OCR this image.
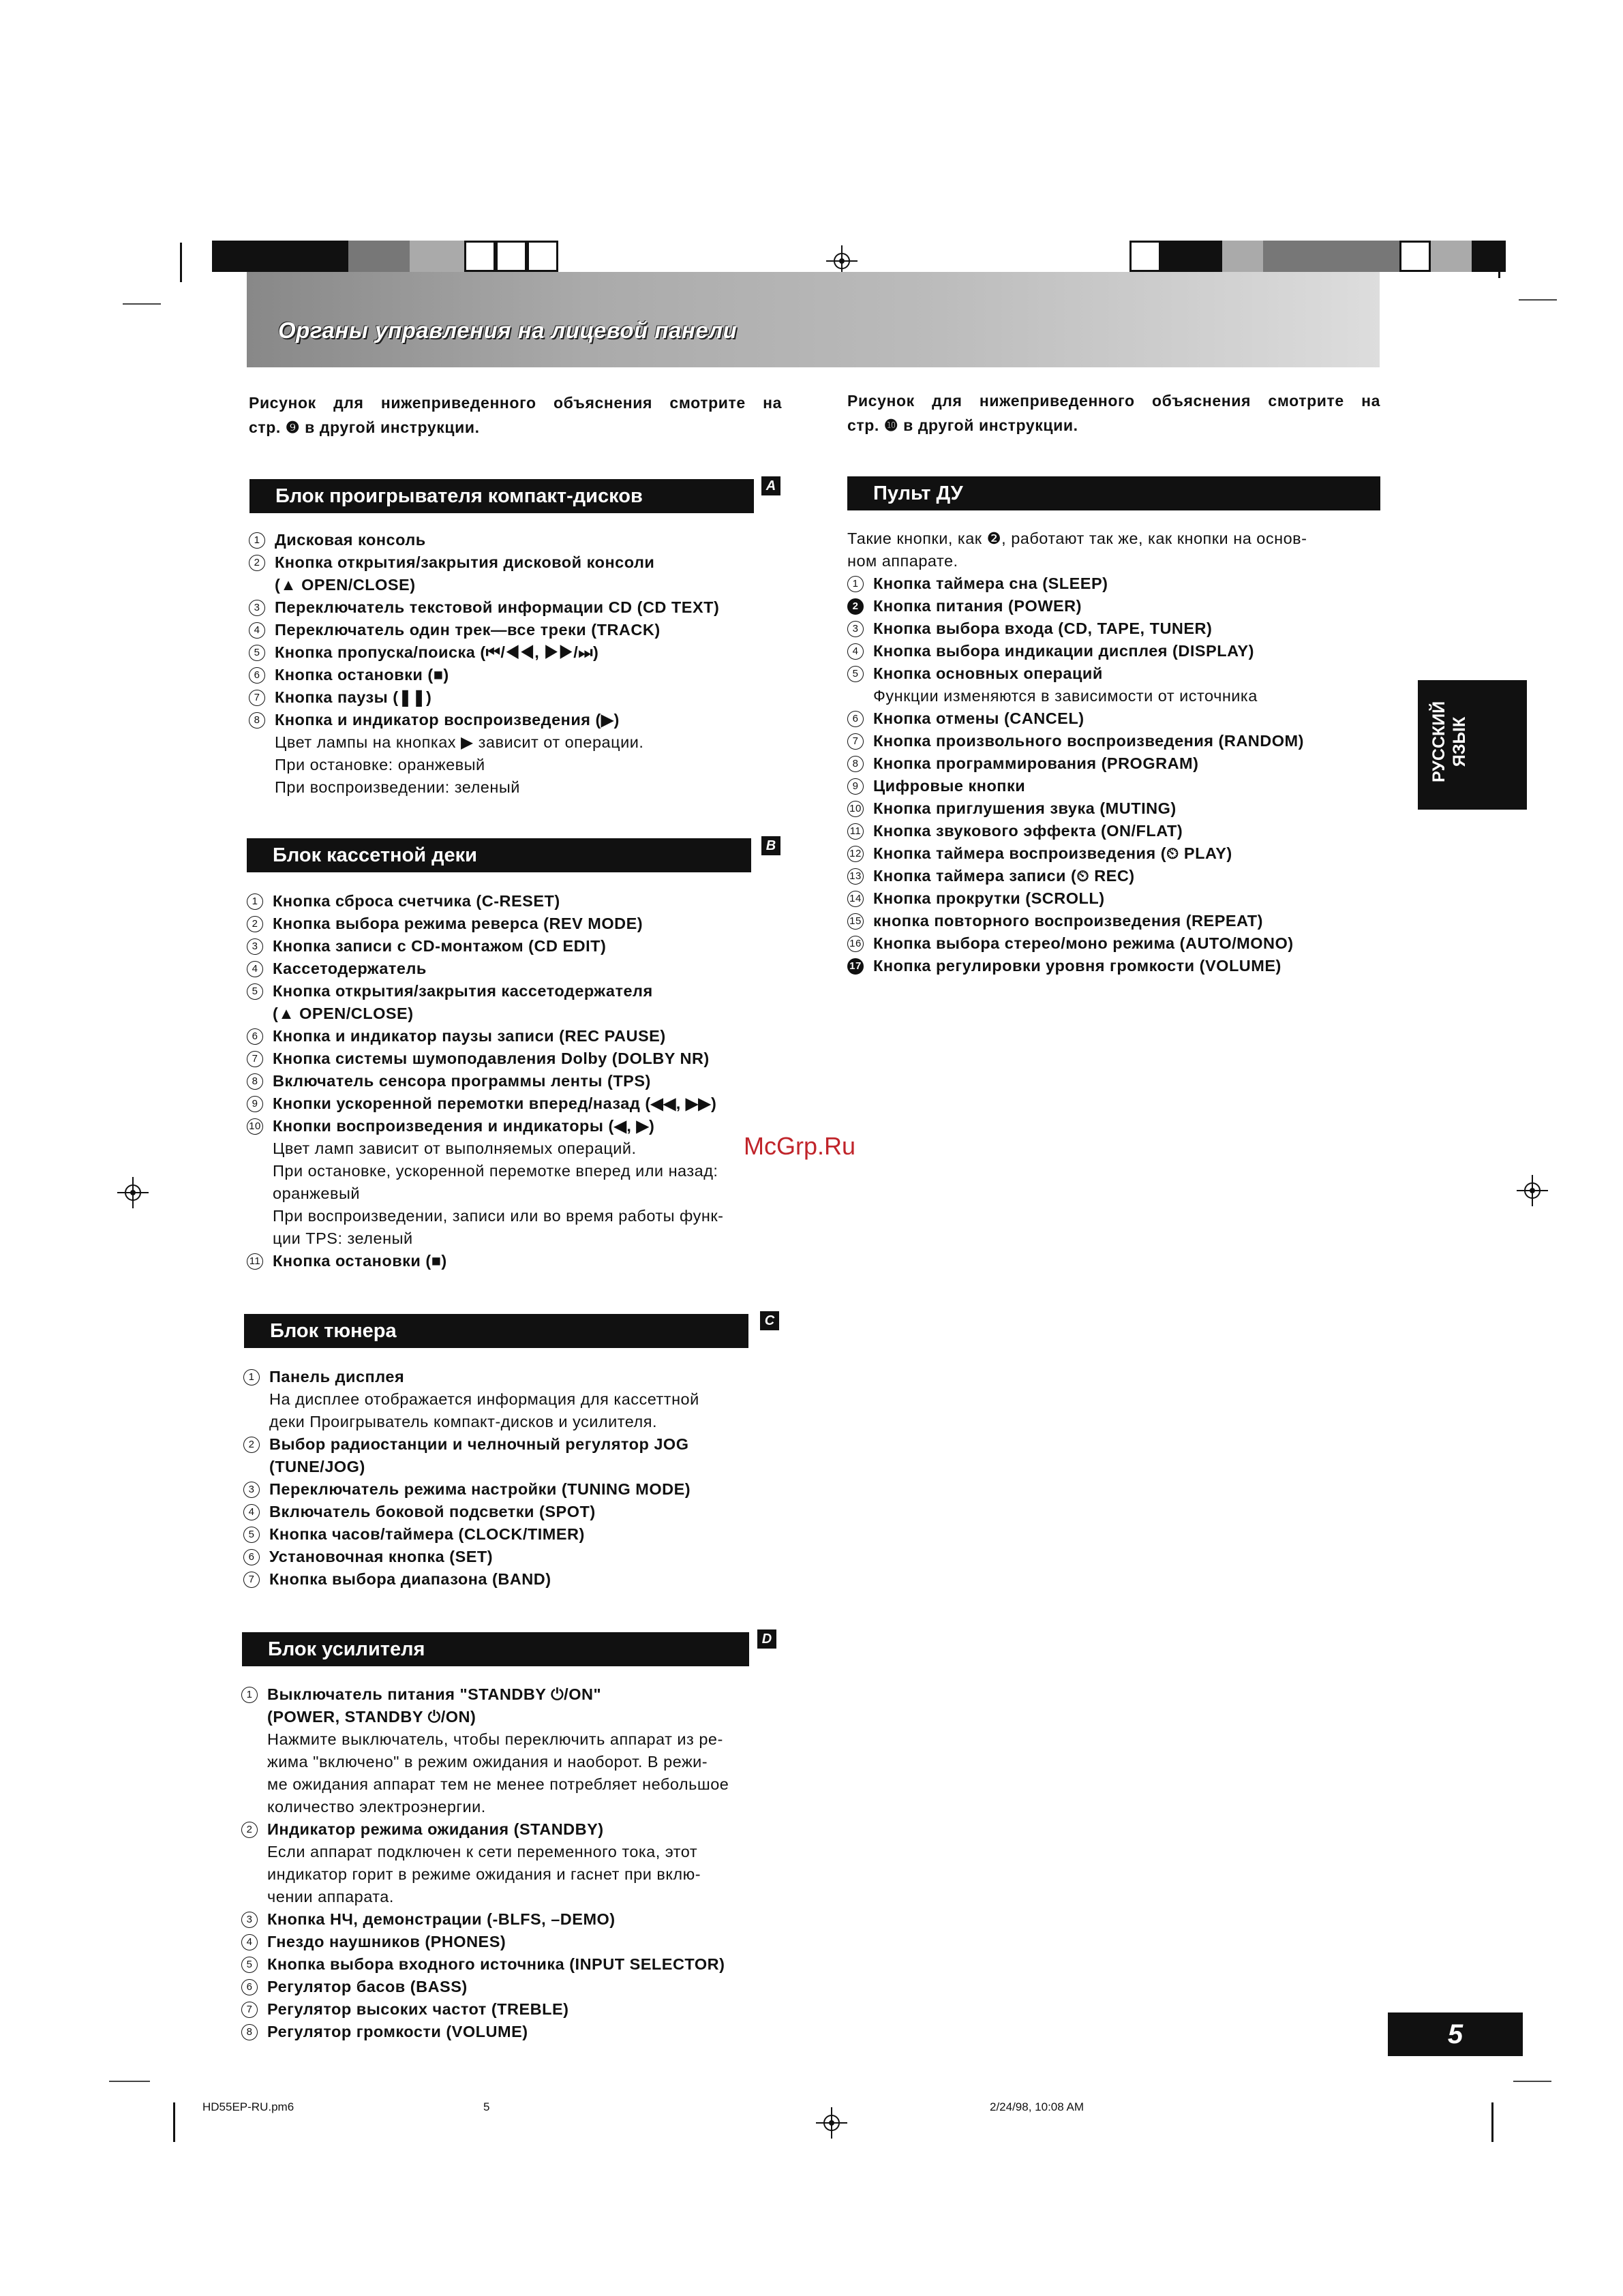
Органы управления на лицевой панели
Рисунок для нижеприведенного объяснения смотрите на
стр. ❾ в другой инструкции.
Рисунок для нижеприведенного объяснения смотрите на
стр. ❿ в другой инструкции.
Блок проигрывателя компакт-дисков	A
Блок кассетной деки	B
Блок тюнера	C
Блок усилителя	D
Пульт ДУ
1 Дисковая консоль
2 Кнопка открытия/закрытия дисковой консоли
(▲ OPEN/CLOSE)
3 Переключатель текстовой информации CD (CD TEXT)
4 Переключатель один трек—все треки (TRACK)
5 Кнопка пропуска/поиска (⏮/◀◀, ▶▶/⏭)
6 Кнопка остановки (■)
7 Кнопка паузы (❚❚)
8 Кнопка и индикатор воспроизведения (▶)
Цвет лампы на кнопках ▶ зависит от операции.
При остановке: оранжевый
При воспроизведении: зеленый
1 Кнопка сброса счетчика (C-RESET)
2 Кнопка выбора режима реверса (REV MODE)
3 Кнопка записи с CD-монтажом (CD EDIT)
4 Кассетодержатель
5 Кнопка открытия/закрытия кассетодержателя
(▲ OPEN/CLOSE)
6 Кнопка и индикатор паузы записи (REC PAUSE)
7 Кнопка системы шумоподавления Dolby (DOLBY NR)
8 Включатель сенсора программы ленты (TPS)
9 Кнопки ускоренной перемотки вперед/назад (◀◀, ▶▶)
10 Кнопки воспроизведения и индикаторы (◀, ▶)
Цвет ламп зависит от выполняемых операций.
При остановке, ускоренной перемотке вперед или назад:
оранжевый
При воспроизведении, записи или во время работы функ-
ции TPS: зеленый
11 Кнопка остановки (■)
1 Панель дисплея
На дисплее отображается информация для кассеттной
деки Проигрыватель компакт-дисков и усилителя.
2 Выбор радиостанции и челночный регулятор JOG
(TUNE/JOG)
3 Переключатель режима настройки (TUNING MODE)
4 Включатель боковой подсветки (SPOT)
5 Кнопка часов/таймера (CLOCK/TIMER)
6 Установочная кнопка (SET)
7 Кнопка выбора диапазона (BAND)
1 Выключатель питания "STANDBY ⏻/ON"
(POWER, STANDBY ⏻/ON)
Нажмите выключатель, чтобы переключить аппарат из ре-
жима "включено" в режим ожидания и наоборот. В режи-
ме ожидания аппарат тем не менее потребляет небольшое
количество электроэнергии.
2 Индикатор режима ожидания (STANDBY)
Если аппарат подключен к сети переменного тока, этот
индикатор горит в режиме ожидания и гаснет при вклю-
чении аппарата.
3 Кнопка НЧ, демонстрации (-BLFS, –DEMO)
4 Гнездо наушников (PHONES)
5 Кнопка выбора входного источника (INPUT SELECTOR)
6 Регулятор басов (BASS)
7 Регулятор высоких частот (TREBLE)
8 Регулятор громкости (VOLUME)
Такие кнопки, как ❷, работают так же, как кнопки на основ-
ном аппарате.
1 Кнопка таймера сна (SLEEP)
2 Кнопка питания (POWER)
3 Кнопка выбора входа (CD, TAPE, TUNER)
4 Кнопка выбора индикации дисплея (DISPLAY)
5 Кнопка основных операций
Функции изменяются в зависимости от источника
6 Кнопка отмены (CANCEL)
7 Кнопка произвольного воспроизведения (RANDOM)
8 Кнопка программирования (PROGRAM)
9 Цифровые кнопки
10 Кнопка приглушения звука (MUTING)
11 Кнопка звукового эффекта (ON/FLAT)
12 Кнопка таймера воспроизведения (⏲ PLAY)
13 Кнопка таймера записи (⏲ REC)
14 Кнопка прокрутки (SCROLL)
15 кнопка повторного воспроизведения (REPEAT)
16 Кнопка выбора стерео/моно режима (AUTO/MONO)
17 Кнопка регулировки уровня громкости (VOLUME)
РУССКИЙ ЯЗЫК
McGrp.Ru
5
HD55EP-RU.pm6	5	2/24/98, 10:08 AM
